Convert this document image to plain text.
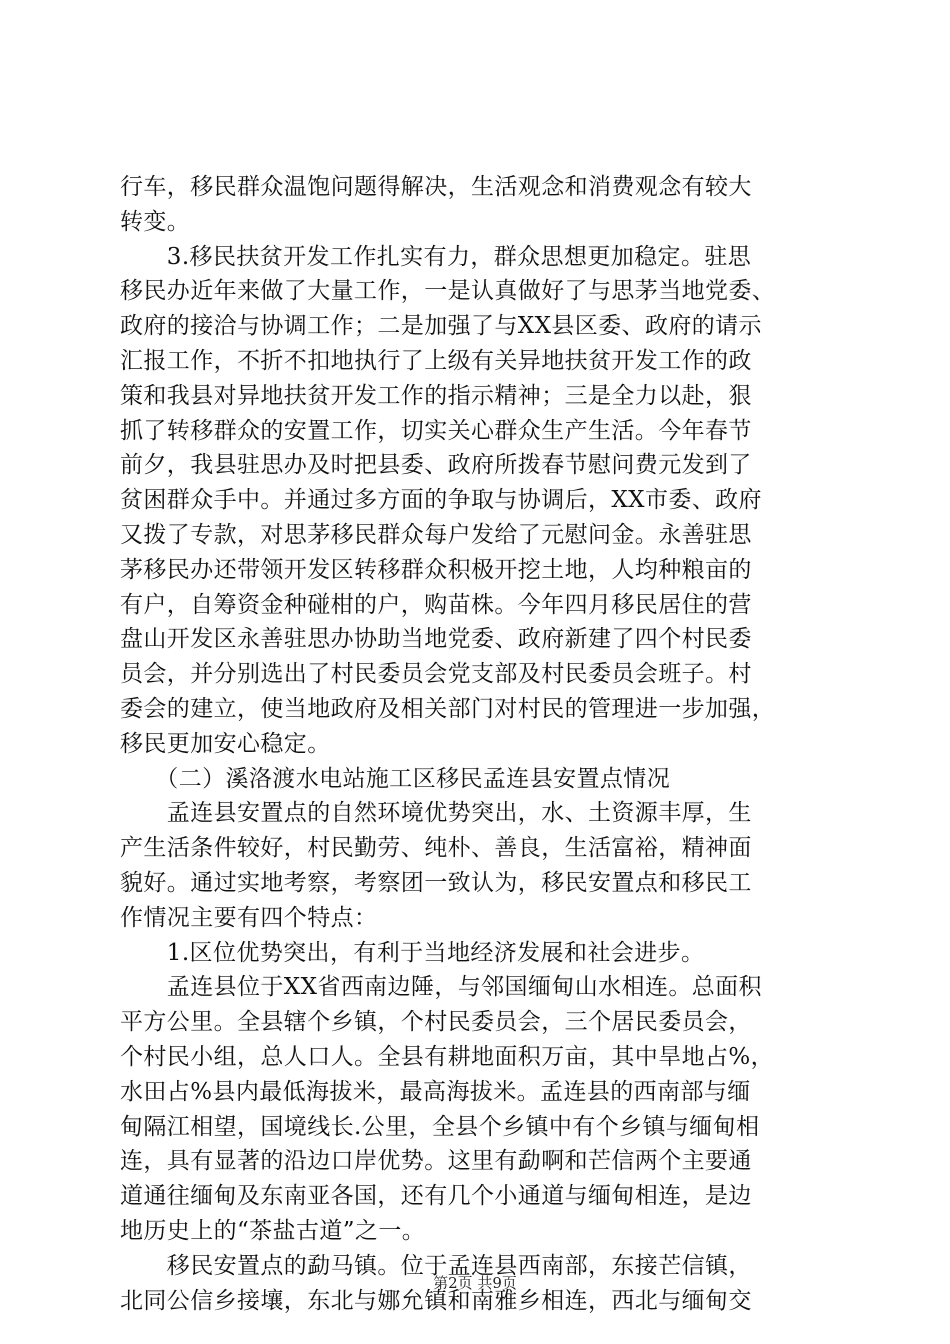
行车，移民群众温饱问题得解决，生活观念和消费观念有较大
转变。
　　3.移民扶贫开发工作扎实有力，群众思想更加稳定。驻思
移民办近年来做了大量工作，一是认真做好了与思茅当地党委、
政府的接洽与协调工作；二是加强了与XX县区委、政府的请示
汇报工作，不折不扣地执行了上级有关异地扶贫开发工作的政
策和我县对异地扶贫开发工作的指示精神；三是全力以赴，狠
抓了转移群众的安置工作，切实关心群众生产生活。今年春节
前夕，我县驻思办及时把县委、政府所拨春节慰问费元发到了
贫困群众手中。并通过多方面的争取与协调后，XX市委、政府
又拨了专款，对思茅移民群众每户发给了元慰问金。永善驻思
茅移民办还带领开发区转移群众积极开挖土地，人均种粮亩的
有户，自筹资金种碰柑的户，购苗株。今年四月移民居住的营
盘山开发区永善驻思办协助当地党委、政府新建了四个村民委
员会，并分别选出了村民委员会党支部及村民委员会班子。村
委会的建立，使当地政府及相关部门对村民的管理进一步加强，
移民更加安心稳定。
　　（二）溪洛渡水电站施工区移民孟连县安置点情况
　　孟连县安置点的自然环境优势突出，水、土资源丰厚，生
产生活条件较好，村民勤劳、纯朴、善良，生活富裕，精神面
貌好。通过实地考察，考察团一致认为，移民安置点和移民工
作情况主要有四个特点：
　　1.区位优势突出，有利于当地经济发展和社会进步。
　　孟连县位于XX省西南边陲，与邻国缅甸山水相连。总面积
平方公里。全县辖个乡镇，个村民委员会，三个居民委员会，
个村民小组，总人口人。全县有耕地面积万亩，其中旱地占%，
水田占%县内最低海拔米，最高海拔米。孟连县的西南部与缅
甸隔江相望，国境线长.公里，全县个乡镇中有个乡镇与缅甸相
连，具有显著的沿边口岸优势。这里有勐啊和芒信两个主要通
道通往缅甸及东南亚各国，还有几个小通道与缅甸相连，是边
地历史上的“茶盐古道”之一。
　　移民安置点的勐马镇。位于孟连县西南部，东接芒信镇，
北同公信乡接壤，东北与娜允镇和南雅乡相连，西北与缅甸交
第2页 共9页
